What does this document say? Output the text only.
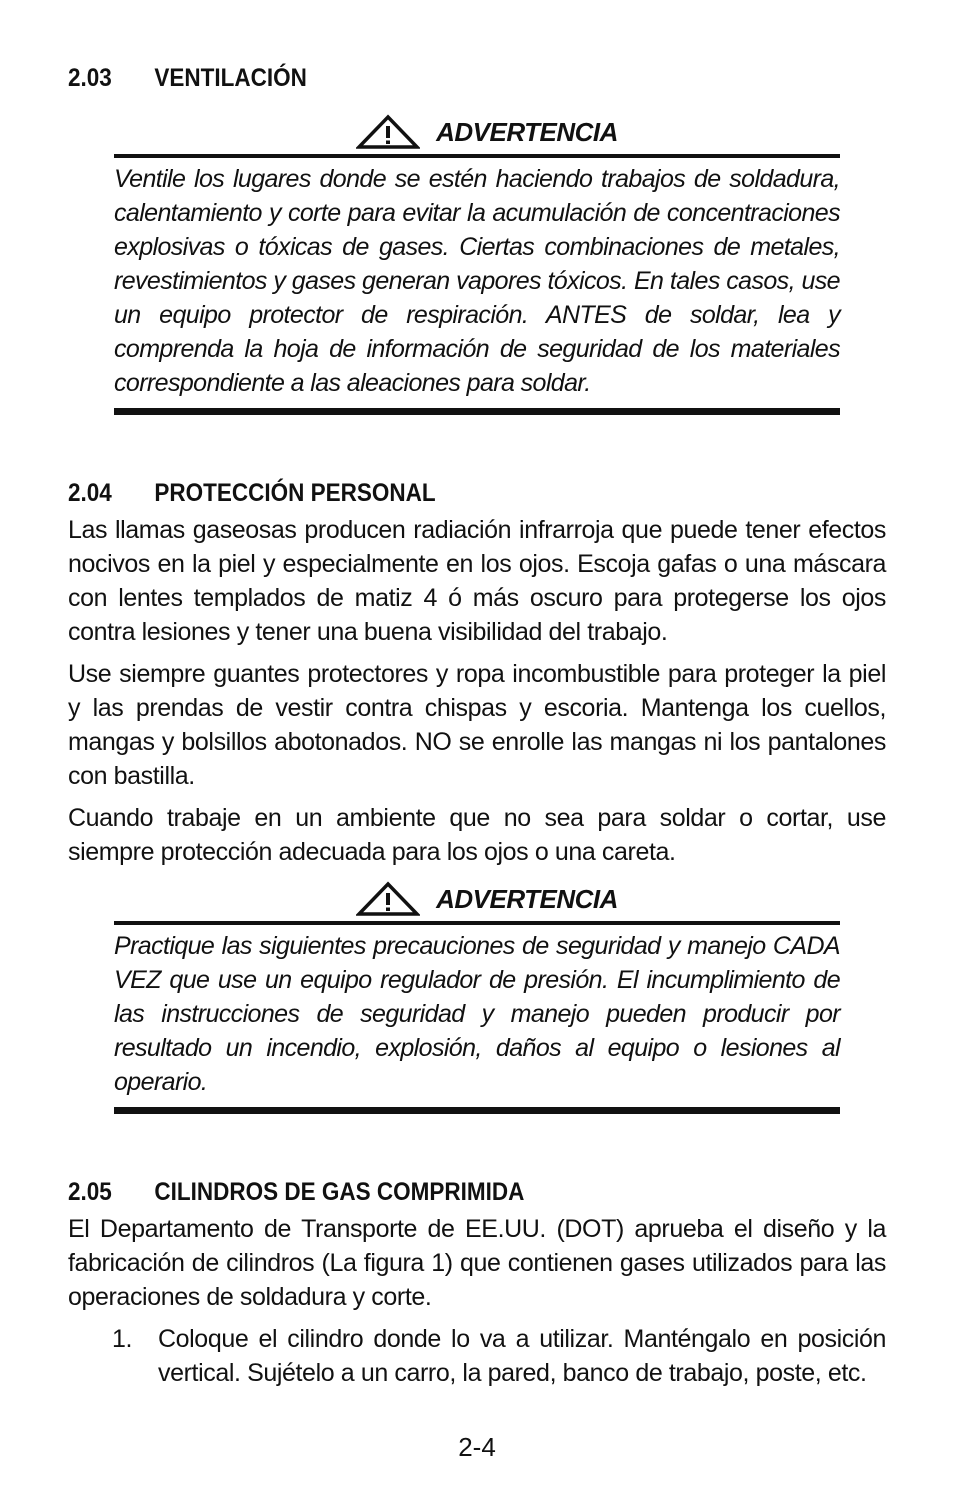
2.03	VENTILACIÓN
ADVERTENCIA
Ventile los lugares donde se estén haciendo trabajos de soldadura, calentamiento y corte para evitar la acumulación de concentraciones explosivas o tóxicas de gases. Ciertas combinaciones de metales, revestimientos y gases generan vapores tóxicos. En tales casos, use un equipo protector de respiración. ANTES de soldar, lea y comprenda la hoja de información de seguridad de los materiales correspondiente a las aleaciones para soldar.
2.04	PROTECCIÓN PERSONAL

Las llamas gaseosas producen radiación infrarroja que puede tener efectos nocivos en la piel y especialmente en los ojos. Escoja gafas o una máscara con lentes templados de matiz 4 ó más oscuro para protegerse los ojos contra lesiones y tener una buena visibilidad del trabajo.

Use siempre guantes protectores y ropa incombustible para proteger la piel y las prendas de vestir contra chispas y escoria. Mantenga los cuellos, mangas y bolsillos abotonados. NO se enrolle las mangas ni los pantalones con bastilla.

Cuando trabaje en un ambiente que no sea para soldar o cortar, use siempre protección adecuada para los ojos o una careta.

ADVERTENCIA
Practique las siguientes precauciones de seguridad y manejo CADA VEZ que use un equipo regulador de presión. El incumplimiento de las instrucciones de seguridad y manejo pueden producir por resultado un incendio, explosión, daños al equipo o lesiones al operario.
2.05	CILINDROS DE GAS COMPRIMIDA

El Departamento de Transporte de EE.UU. (DOT) aprueba el diseño y la fabricación de cilindros (La figura 1) que contienen gases utilizados para las operaciones de soldadura y corte.

1.	Coloque el cilindro donde lo va a utilizar. Manténgalo en posición vertical. Sujételo a un carro, la pared, banco de trabajo, poste, etc.
2-4
